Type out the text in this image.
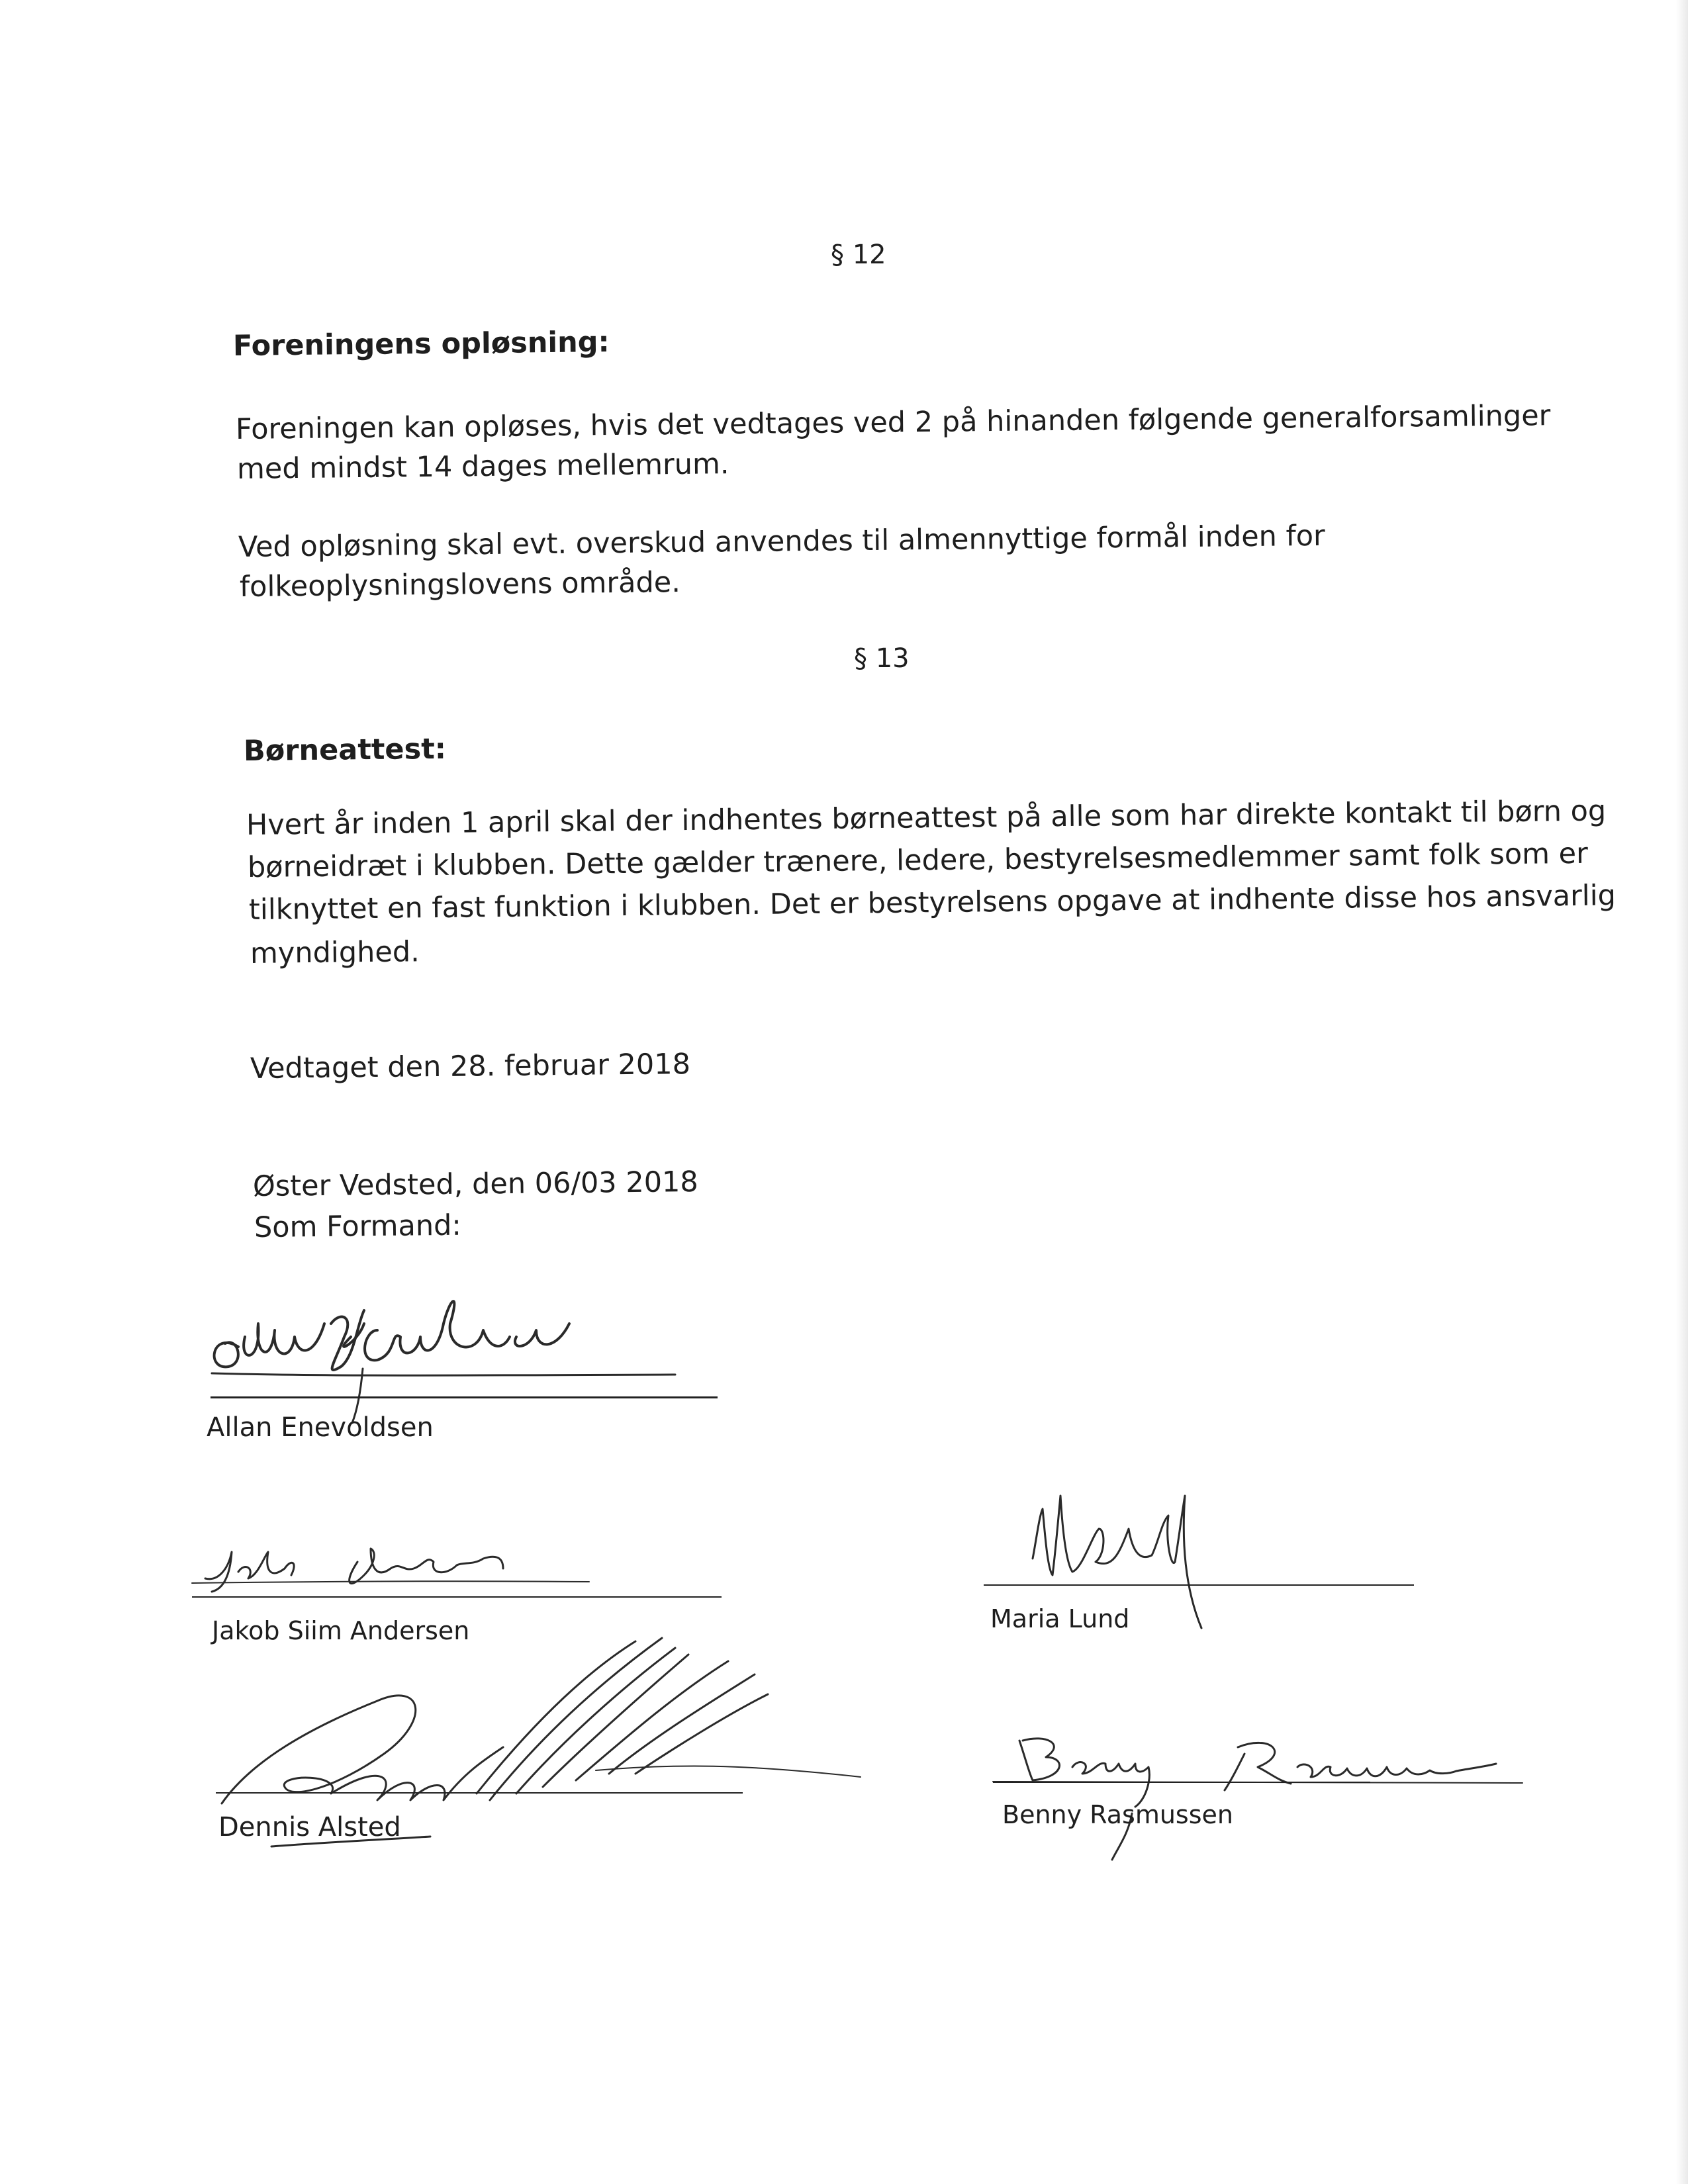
§ 12
Foreningens opløsning:
Foreningen kan opløses, hvis det vedtages ved 2 på hinanden følgende generalforsamlinger
med mindst 14 dages mellemrum.
Ved opløsning skal evt. overskud anvendes til almennyttige formål inden for
folkeoplysningslovens område.
§ 13
Børneattest:
Hvert år inden 1 april skal der indhentes børneattest på alle som har direkte kontakt til børn og
børneidræt i klubben. Dette gælder trænere, ledere, bestyrelsesmedlemmer samt folk som er
tilknyttet en fast funktion i klubben. Det er bestyrelsens opgave at indhente disse hos ansvarlig
myndighed.
Vedtaget den 28. februar 2018
Øster Vedsted, den 06/03 2018
Som Formand:
Allan Enevoldsen
Jakob Siim Andersen	Maria Lund
Dennis Alsted	Benny Rasmussen
